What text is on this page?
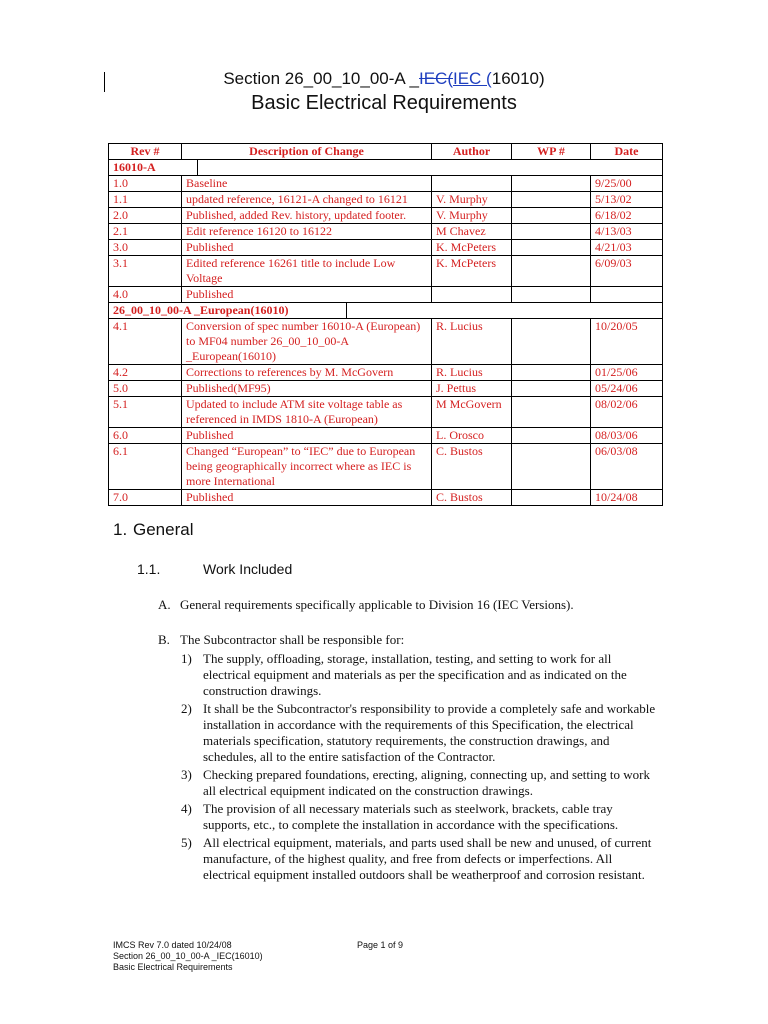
Section 26_00_10_00-A _IEC(IEC (16010)
Basic Electrical Requirements
Rev #	Description of Change	Author	WP #	Date

16010-A				

1.0	Baseline			9/25/00
1.1	updated reference, 16121-A changed to 16121	V. Murphy		5/13/02
2.0	Published, added Rev. history, updated footer.	V. Murphy		6/18/02
2.1	Edit reference 16120 to 16122	M Chavez		4/13/03
3.0	Published	K. McPeters		4/21/03
3.1	Edited reference 16261 title to include Low Voltage	K. McPeters		6/09/03
4.0	Published			

26_00_10_00-A _European(16010)				

4.1	Conversion of spec number 16010-A (European) to MF04 number 26_00_10_00-A _European(16010)	R. Lucius		10/20/05
4.2	Corrections to references by M. McGovern	R. Lucius		01/25/06
5.0	Published(MF95)	J. Pettus		05/24/06
5.1	Updated to include ATM site voltage table as referenced in IMDS 1810-A (European)	M McGovern		08/02/06
6.0	Published	L. Orosco		08/03/06
6.1	Changed “European” to “IEC” due to European being geographically incorrect where as IEC is more International	C. Bustos		06/03/08
7.0	Published	C. Bustos		10/24/08
1. General
1.1.	Work Included
A. General requirements specifically applicable to Division 16 (IEC Versions).
B. The Subcontractor shall be responsible for:
1) The supply, offloading, storage, installation, testing, and setting to work for all electrical equipment and materials as per the specification and as indicated on the construction drawings.
2) It shall be the Subcontractor's responsibility to provide a completely safe and workable installation in accordance with the requirements of this Specification, the electrical materials specification, statutory requirements, the construction drawings, and schedules, all to the entire satisfaction of the Contractor.
3) Checking prepared foundations, erecting, aligning, connecting up, and setting to work all electrical equipment indicated on the construction drawings.
4) The provision of all necessary materials such as steelwork, brackets, cable tray supports, etc., to complete the installation in accordance with the specifications.
5) All electrical equipment, materials, and parts used shall be new and unused, of current manufacture, of the highest quality, and free from defects or imperfections. All electrical equipment installed outdoors shall be weatherproof and corrosion resistant.
IMCS Rev 7.0 dated 10/24/08
Section 26_00_10_00-A _IEC(16010)
Basic Electrical Requirements
Page 1 of 9
